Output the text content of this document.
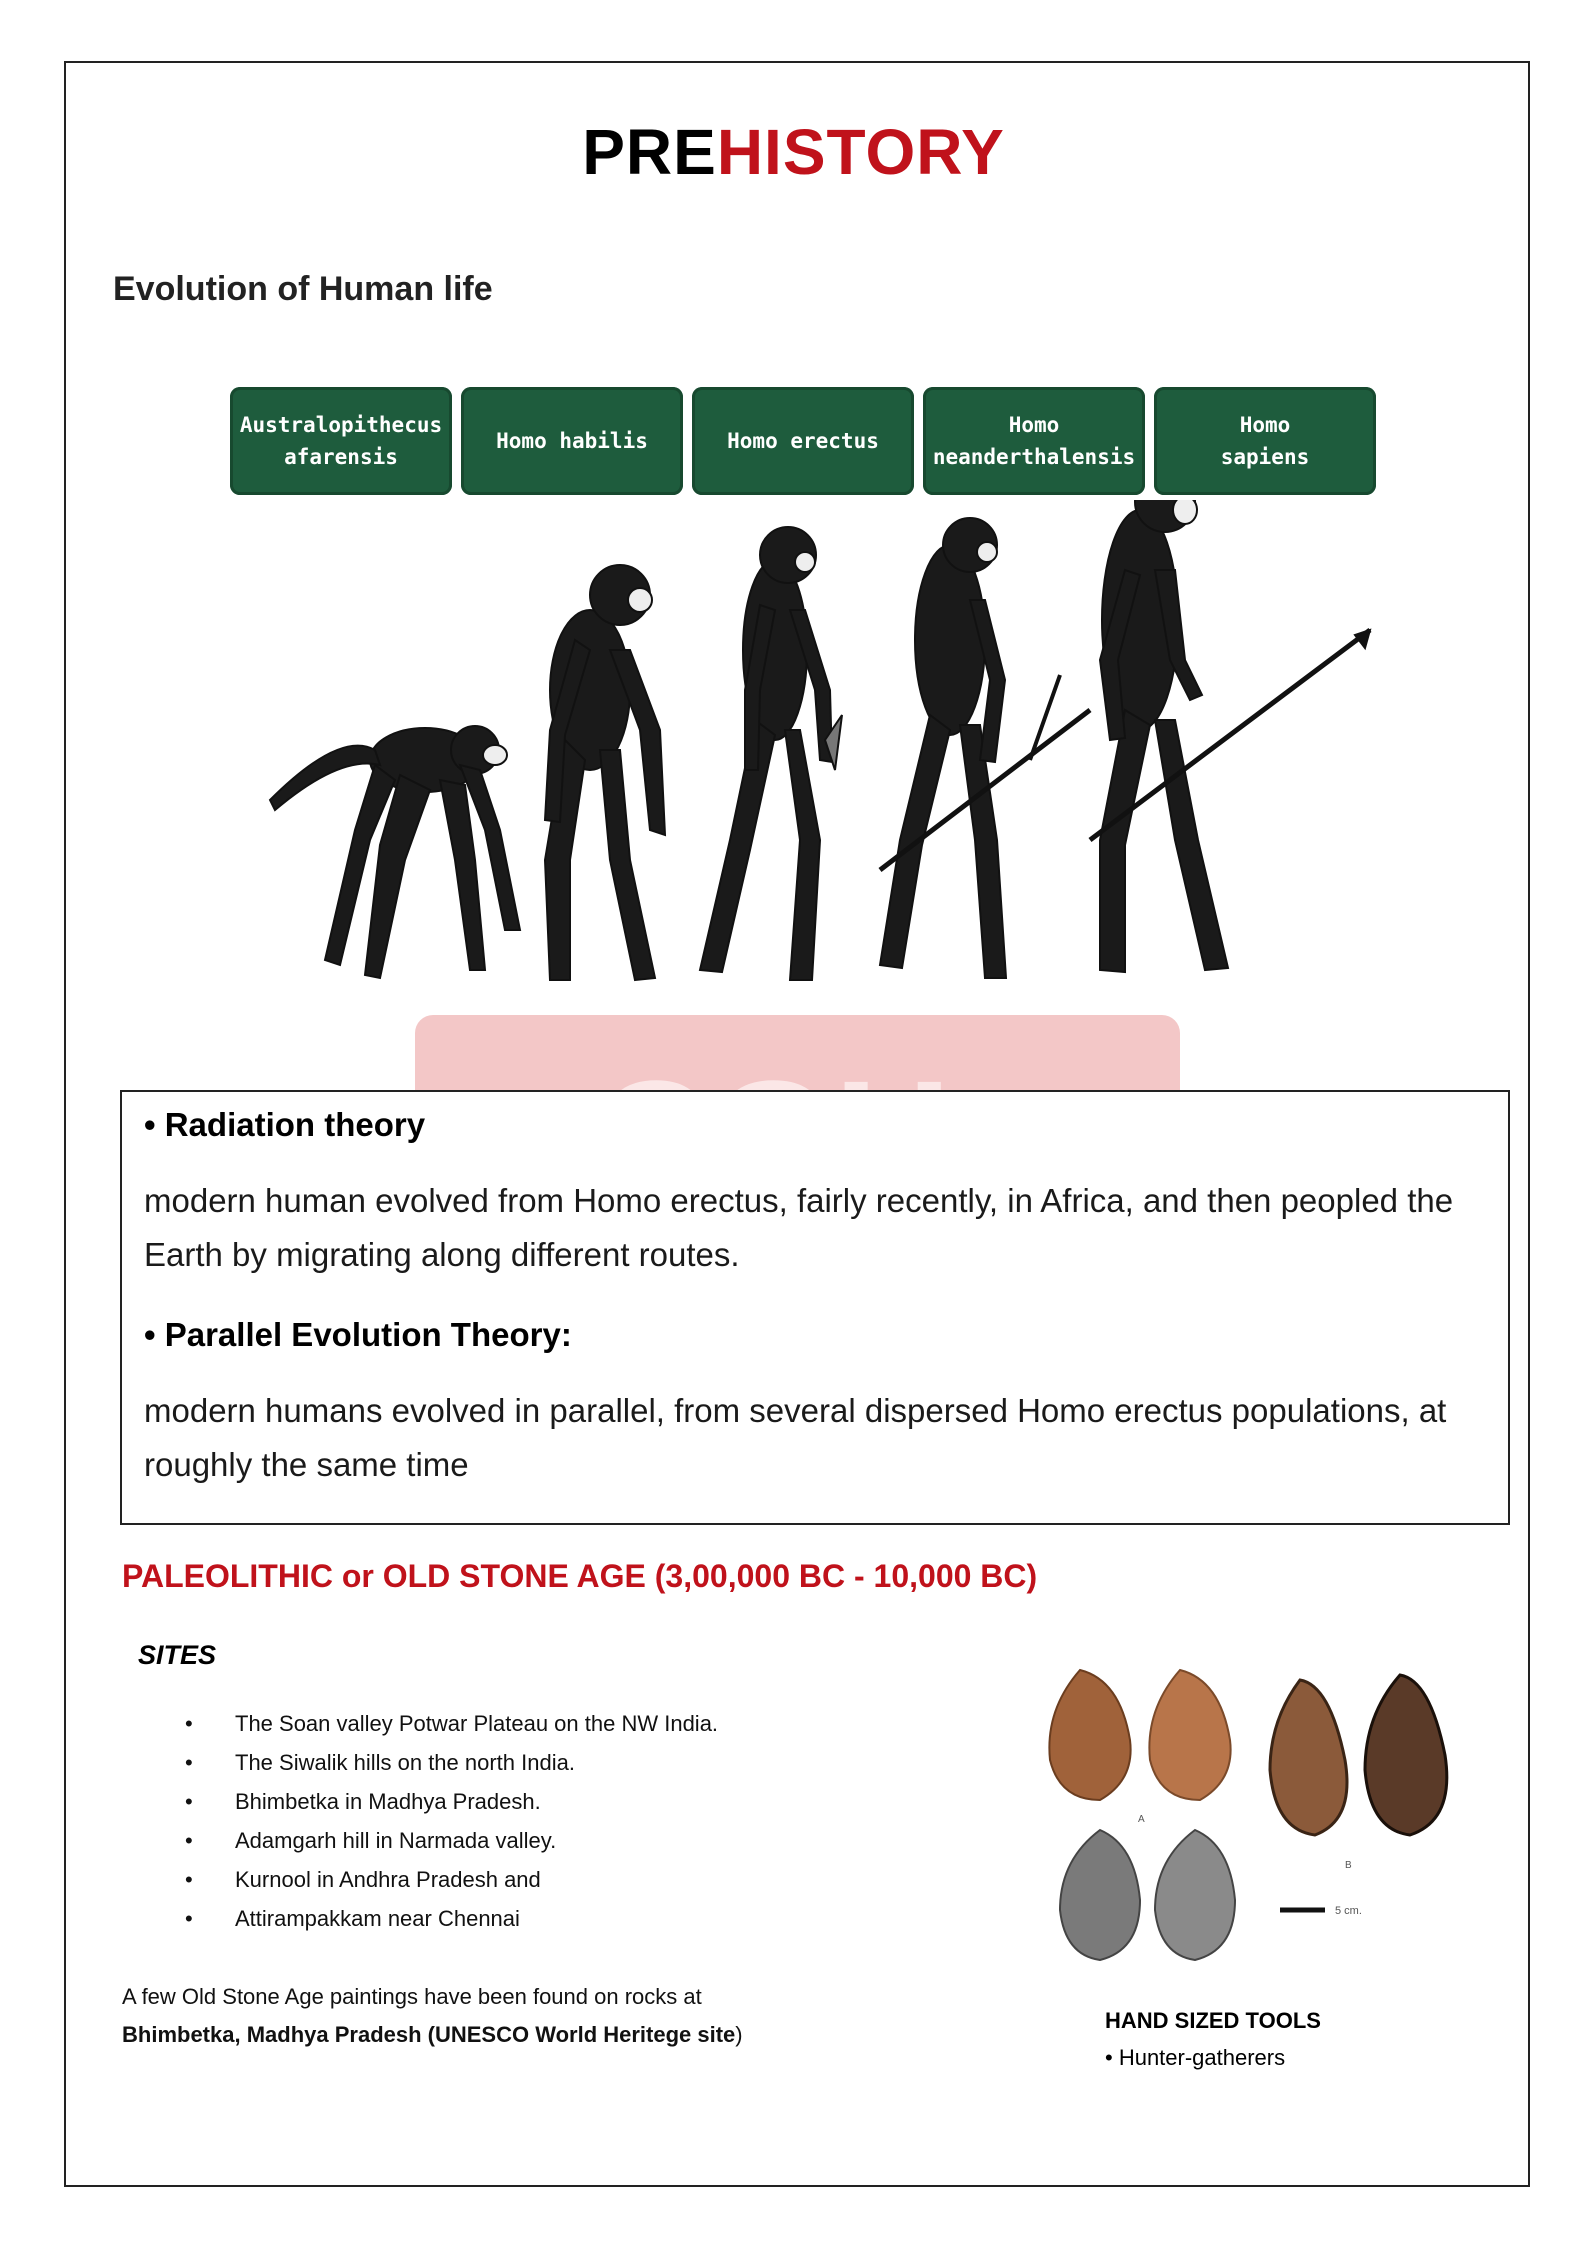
PREHISTORY
Evolution of Human life
Australopithecus
afarensis
Homo habilis	Homo erectus
Homo
neanderthalensis
Homo
sapiens
• Radiation theory
modern human evolved from Homo erectus, fairly recently, in Africa, and then peopled the Earth by migrating along different routes.
• Parallel Evolution Theory:
modern humans evolved in parallel, from several dispersed Homo erectus populations, at roughly the same time
PALEOLITHIC or OLD STONE AGE (3,00,000 BC - 10,000 BC)
SITES
• The Soan valley Potwar Plateau on the NW India.
• The Siwalik hills on the north India.
• Bhimbetka in Madhya Pradesh.
• Adamgarh hill in Narmada valley.
• Kurnool in Andhra Pradesh and
• Attirampakkam near Chennai
A few Old Stone Age paintings have been found on rocks at
Bhimbetka, Madhya Pradesh (UNESCO World Heritege site)
A
B
5 cm.
HAND SIZED TOOLS
• Hunter-gatherers
